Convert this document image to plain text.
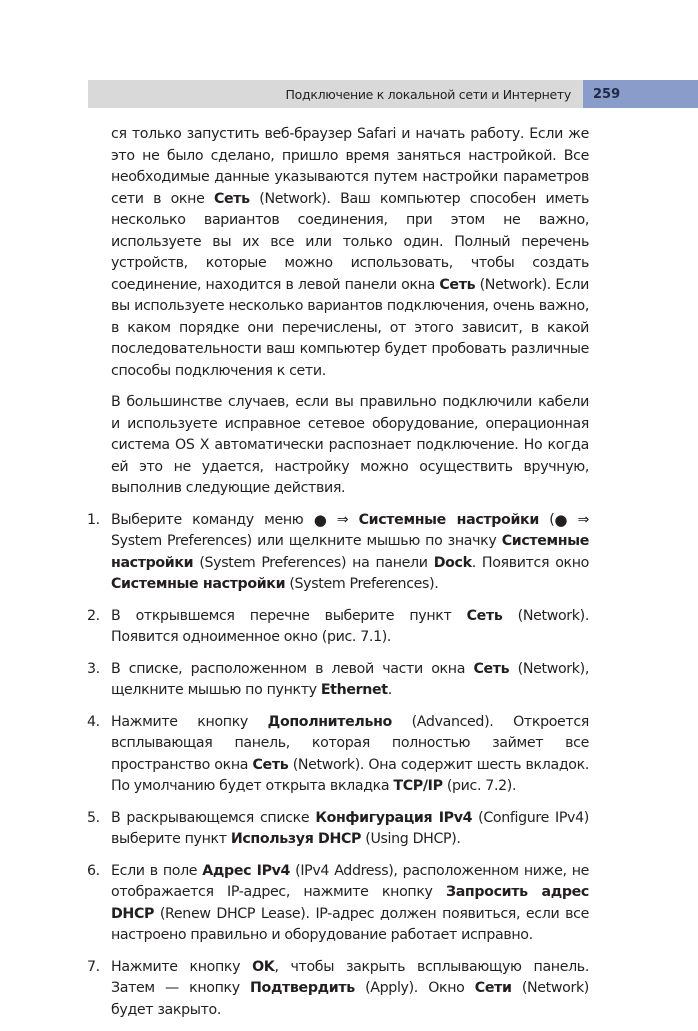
Подключение к локальной сети и Интернету 259

ся только запустить веб-браузер Safari и начать работу. Если же это не было сделано, пришло время заняться настройкой. Все необходимые данные указываются путем настройки параметров сети в окне Сеть (Network). Ваш компьютер способен иметь несколько вариантов соединения, при этом не важно, используете вы их все или только один. Полный перечень устройств, которые можно использовать, чтобы создать соединение, находится в левой панели окна Сеть (Network). Если вы используете несколько вариантов подключения, очень важно, в каком порядке они перечислены, от этого зависит, в какой последовательности ваш компьютер будет пробовать различные способы подключения к сети.

В большинстве случаев, если вы правильно подключили кабели и используете исправное сетевое оборудование, операционная система OS X автоматически распознает подключение. Но когда ей это не удается, настройку можно осуществить вручную, выполнив следующие действия.

1. Выберите команду меню ● ⇒ Системные настройки (● ⇒ System Preferences) или щелкните мышью по значку Системные настройки (System Preferences) на панели Dock. Появится окно Системные настройки (System Preferences).
2. В открывшемся перечне выберите пункт Сеть (Network). Появится одноименное окно (рис. 7.1).
3. В списке, расположенном в левой части окна Сеть (Network), щелкните мышью по пункту Ethernet.
4. Нажмите кнопку Дополнительно (Advanced). Откроется всплывающая панель, которая полностью займет все пространство окна Сеть (Network). Она содержит шесть вкладок. По умолчанию будет открыта вкладка TCP/IP (рис. 7.2).
5. В раскрывающемся списке Конфигурация IPv4 (Configure IPv4) выберите пункт Используя DHCP (Using DHCP).
6. Если в поле Адрес IPv4 (IPv4 Address), расположенном ниже, не отображается IP-адрес, нажмите кнопку Запросить адрес DHCP (Renew DHCP Lease). IP-адрес должен появиться, если все настроено правильно и оборудование работает исправно.
7. Нажмите кнопку OK, чтобы закрыть всплывающую панель. Затем — кнопку Подтвердить (Apply). Окно Сети (Network) будет закрыто.
